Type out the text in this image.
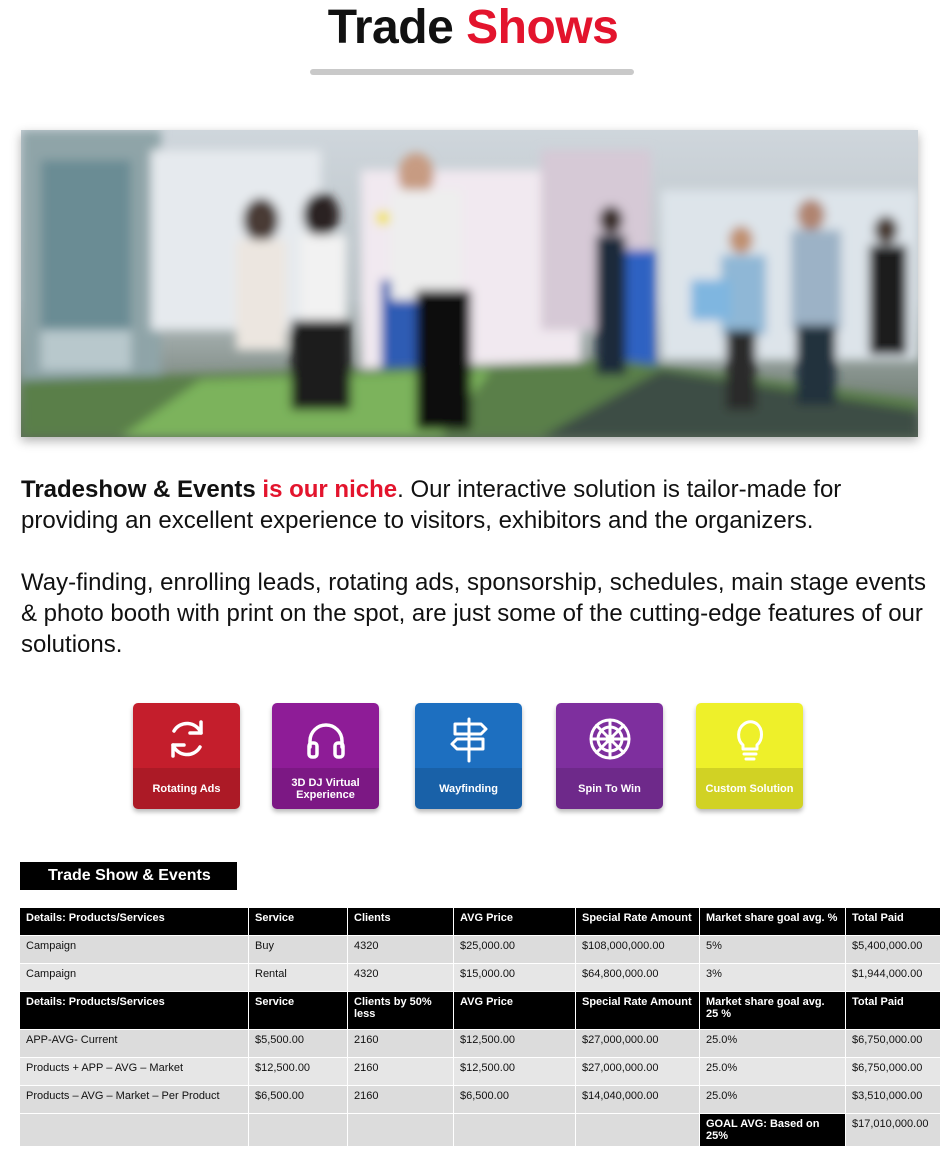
Trade Shows

Tradeshow & Events is our niche. Our interactive solution is tailor-made for providing an excellent experience to visitors, exhibitors and the organizers.

Way-finding, enrolling leads, rotating ads, sponsorship, schedules, main stage events & photo booth with print on the spot, are just some of the cutting-edge features of our solutions.

Rotating Ads	3D DJ Virtual Experience	Wayfinding	Spin To Win	Custom Solution
Trade Show & Events
Details: Products/Services	Service	Clients	AVG Price	Special Rate Amount	Market share goal avg. %	Total Paid
Campaign	Buy	4320	$25,000.00	$108,000,000.00	5%	$5,400,000.00
Campaign	Rental	4320	$15,000.00	$64,800,000.00	3%	$1,944,000.00
Details: Products/Services	Service	Clients by 50% less	AVG Price	Special Rate Amount	Market share goal avg. 25 %	Total Paid
APP-AVG- Current	$5,500.00	2160	$12,500.00	$27,000,000.00	25.0%	$6,750,000.00
Products + APP – AVG – Market	$12,500.00	2160	$12,500.00	$27,000,000.00	25.0%	$6,750,000.00
Products – AVG – Market – Per Product	$6,500.00	2160	$6,500.00	$14,040,000.00	25.0%	$3,510,000.00
					GOAL AVG: Based on 25%	$17,010,000.00
